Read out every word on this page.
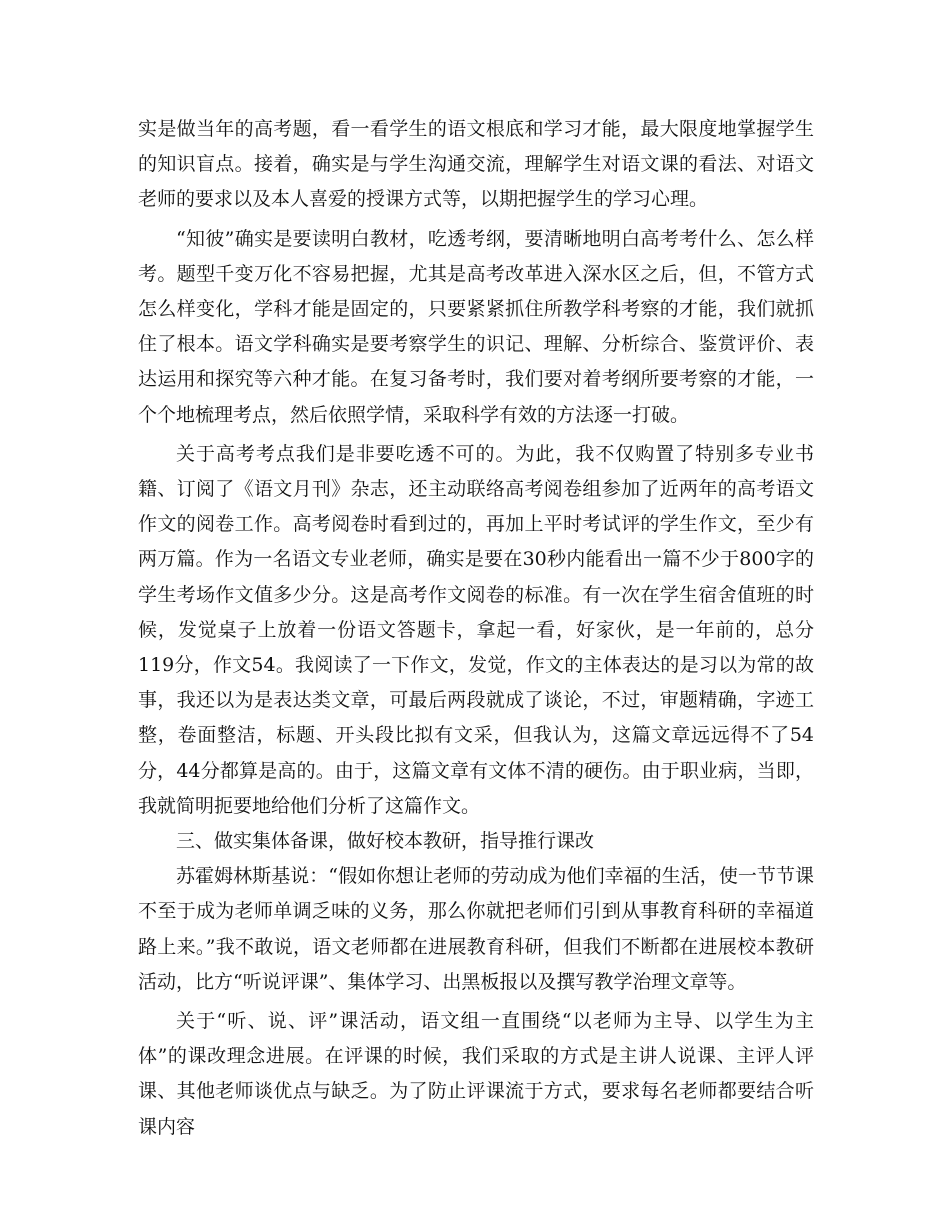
实是做当年的高考题，看一看学生的语文根底和学习才能，最大限度地掌握学生的知识盲点。接着，确实是与学生沟通交流，理解学生对语文课的看法、对语文老师的要求以及本人喜爱的授课方式等，以期把握学生的学习心理。

“知彼”确实是要读明白教材，吃透考纲，要清晰地明白高考考什么、怎么样考。题型千变万化不容易把握，尤其是高考改革进入深水区之后，但，不管方式怎么样变化，学科才能是固定的，只要紧紧抓住所教学科考察的才能，我们就抓住了根本。语文学科确实是要考察学生的识记、理解、分析综合、鉴赏评价、表达运用和探究等六种才能。在复习备考时，我们要对着考纲所要考察的才能，一个个地梳理考点，然后依照学情，采取科学有效的方法逐一打破。

关于高考考点我们是非要吃透不可的。为此，我不仅购置了特别多专业书籍、订阅了《语文月刊》杂志，还主动联络高考阅卷组参加了近两年的高考语文作文的阅卷工作。高考阅卷时看到过的，再加上平时考试评的学生作文，至少有两万篇。作为一名语文专业老师，确实是要在30秒内能看出一篇不少于800字的学生考场作文值多少分。这是高考作文阅卷的标准。有一次在学生宿舍值班的时候，发觉桌子上放着一份语文答题卡，拿起一看，好家伙，是一年前的，总分119分，作文54。我阅读了一下作文，发觉，作文的主体表达的是习以为常的故事，我还以为是表达类文章，可最后两段就成了谈论，不过，审题精确，字迹工整，卷面整洁，标题、开头段比拟有文采，但我认为，这篇文章远远得不了54分，44分都算是高的。由于，这篇文章有文体不清的硬伤。由于职业病，当即，我就简明扼要地给他们分析了这篇作文。

三、做实集体备课，做好校本教研，指导推行课改

苏霍姆林斯基说：“假如你想让老师的劳动成为他们幸福的生活，使一节节课不至于成为老师单调乏味的义务，那么你就把老师们引到从事教育科研的幸福道路上来。”我不敢说，语文老师都在进展教育科研，但我们不断都在进展校本教研活动，比方“听说评课”、集体学习、出黑板报以及撰写教学治理文章等。

关于“听、说、评”课活动，语文组一直围绕“以老师为主导、以学生为主体”的课改理念进展。在评课的时候，我们采取的方式是主讲人说课、主评人评课、其他老师谈优点与缺乏。为了防止评课流于方式，要求每名老师都要结合听课内容
